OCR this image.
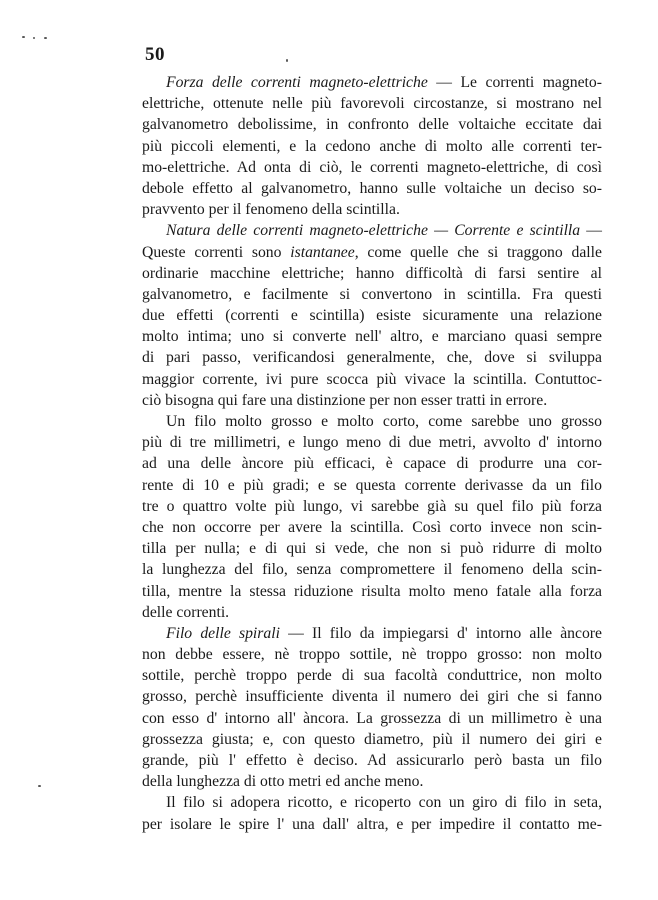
50
Forza delle correnti magneto-elettriche — Le correnti magneto-
elettriche, ottenute nelle più favorevoli circostanze, si mostrano nel
galvanometro debolissime, in confronto delle voltaiche eccitate dai
più piccoli elementi, e la cedono anche di molto alle correnti ter-
mo-elettriche. Ad onta di ciò, le correnti magneto-elettriche, di così
debole effetto al galvanometro, hanno sulle voltaiche un deciso so-
pravvento per il fenomeno della scintilla.
Natura delle correnti magneto-elettriche — Corrente e scintilla —
Queste correnti sono istantanee, come quelle che si traggono dalle
ordinarie macchine elettriche; hanno difficoltà di farsi sentire al
galvanometro, e facilmente si convertono in scintilla. Fra questi
due effetti (correnti e scintilla) esiste sicuramente una relazione
molto intima; uno si converte nell' altro, e marciano quasi sempre
di pari passo, verificandosi generalmente, che, dove si sviluppa
maggior corrente, ivi pure scocca più vivace la scintilla. Contuttoc-
ciò bisogna qui fare una distinzione per non esser tratti in errore.
Un filo molto grosso e molto corto, come sarebbe uno grosso
più di tre millimetri, e lungo meno di due metri, avvolto d' intorno
ad una delle àncore più efficaci, è capace di produrre una cor-
rente di 10 e più gradi; e se questa corrente derivasse da un filo
tre o quattro volte più lungo, vi sarebbe già su quel filo più forza
che non occorre per avere la scintilla. Così corto invece non scin-
tilla per nulla; e di qui si vede, che non si può ridurre di molto
la lunghezza del filo, senza compromettere il fenomeno della scin-
tilla, mentre la stessa riduzione risulta molto meno fatale alla forza
delle correnti.
Filo delle spirali — Il filo da impiegarsi d' intorno alle àncore
non debbe essere, nè troppo sottile, nè troppo grosso: non molto
sottile, perchè troppo perde di sua facoltà conduttrice, non molto
grosso, perchè insufficiente diventa il numero dei giri che si fanno
con esso d' intorno all' àncora. La grossezza di un millimetro è una
grossezza giusta; e, con questo diametro, più il numero dei giri e
grande, più l' effetto è deciso. Ad assicurarlo però basta un filo
della lunghezza di otto metri ed anche meno.
Il filo si adopera ricotto, e ricoperto con un giro di filo in seta,
per isolare le spire l' una dall' altra, e per impedire il contatto me-
